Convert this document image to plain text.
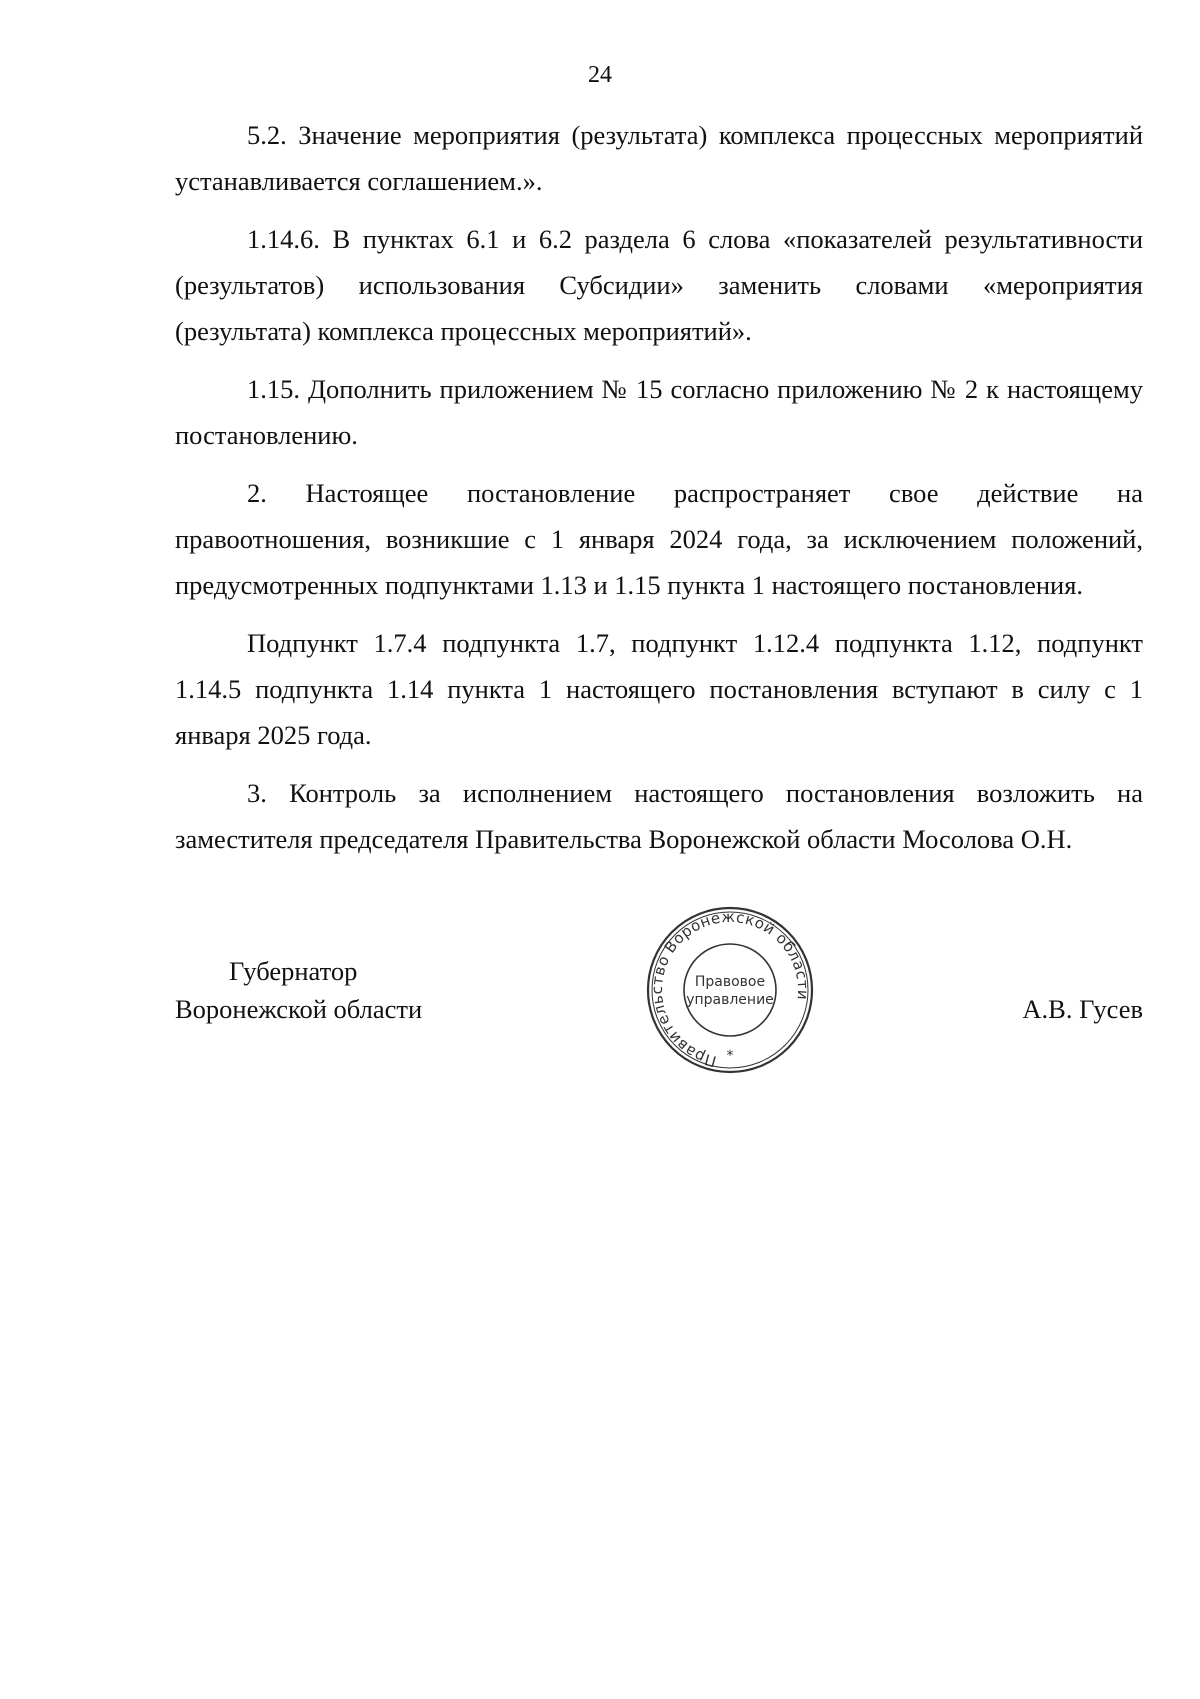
24

5.2. Значение мероприятия (результата) комплекса процессных мероприятий устанавливается соглашением.».

1.14.6. В пунктах 6.1 и 6.2 раздела 6 слова «показателей результативности (результатов) использования Субсидии» заменить словами «мероприятия (результата) комплекса процессных мероприятий».

1.15. Дополнить приложением № 15 согласно приложению № 2 к настоящему постановлению.

2. Настоящее постановление распространяет свое действие на правоотношения, возникшие с 1 января 2024 года, за исключением положений, предусмотренных подпунктами 1.13 и 1.15 пункта 1 настоящего постановления.

Подпункт 1.7.4 подпункта 1.7, подпункт 1.12.4 подпункта 1.12, подпункт 1.14.5 подпункта 1.14 пункта 1 настоящего постановления вступают в силу с 1 января 2025 года.

3. Контроль за исполнением настоящего постановления возложить на заместителя председателя Правительства Воронежской области Мосолова О.Н.

Губернатор
Воронежской области
Правительство Воронежской области
Правовое
управление
*
А.В. Гусев
